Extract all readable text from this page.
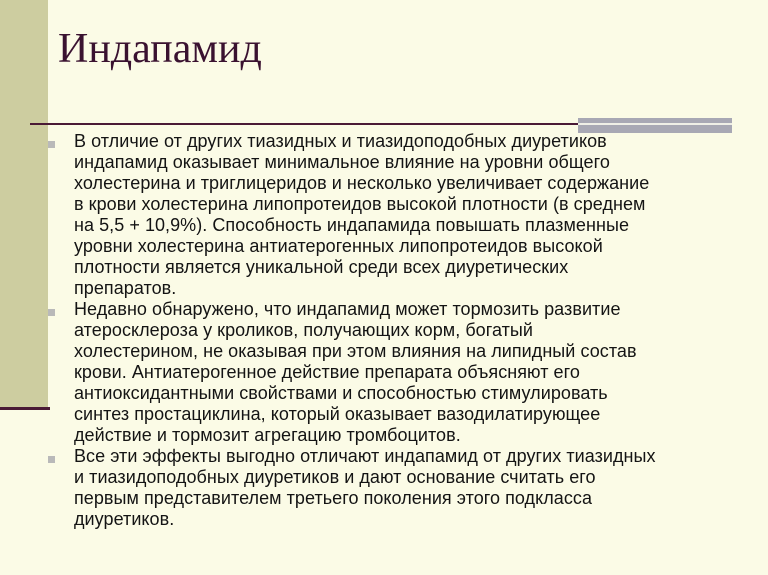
Индапамид
В отличие от других тиазидных и тиазидоподобных диуретиков
индапамид оказывает минимальное влияние на уровни общего
холестерина и триглицеридов и несколько увеличивает содержание
в крови холестерина липопротеидов высокой плотности (в среднем
на 5,5 + 10,9%). Способность индапамида повышать плазменные
уровни холестерина антиатерогенных липопротеидов высокой
плотности является уникальной среди всех диуретических
препаратов.
Недавно обнаружено, что индапамид может тормозить развитие
атеросклероза у кроликов, получающих корм, богатый
холестерином, не оказывая при этом влияния на липидный состав
крови. Антиатерогенное действие препарата объясняют его
антиоксидантными свойствами и способностью стимулировать
синтез простациклина, который оказывает вазодилатирующее
действие и тормозит агрегацию тромбоцитов.
Все эти эффекты выгодно отличают индапамид от других тиазидных
и тиазидоподобных диуретиков и дают основание считать его
первым представителем третьего поколения этого подкласса
диуретиков.
